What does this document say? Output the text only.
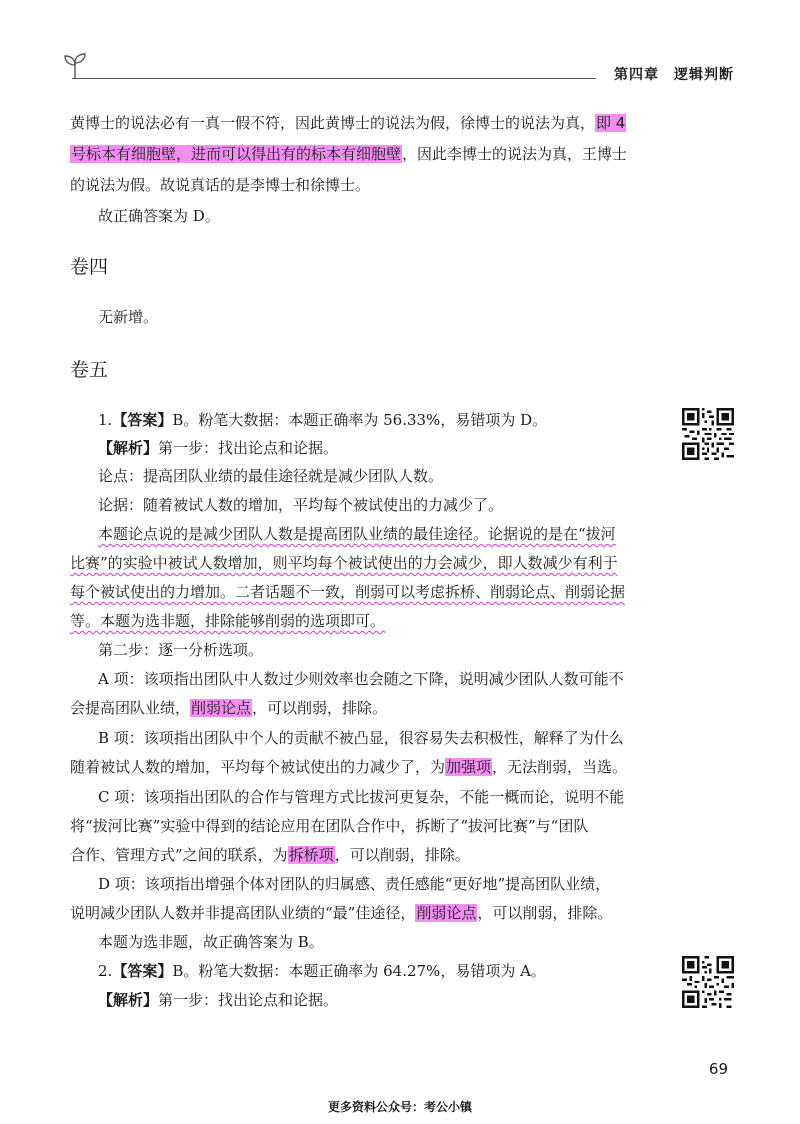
第四章　逻辑判断
黄博士的说法必有一真一假不符，因此黄博士的说法为假，徐博士的说法为真，即 4
号标本有细胞壁，进而可以得出有的标本有细胞壁，因此李博士的说法为真，王博士
的说法为假。故说真话的是李博士和徐博士。
故正确答案为 D。
卷四
无新增。
卷五
1.【答案】B。粉笔大数据：本题正确率为 56.33%，易错项为 D。
【解析】第一步：找出论点和论据。
论点：提高团队业绩的最佳途径就是减少团队人数。
论据：随着被试人数的增加，平均每个被试使出的力减少了。
本题论点说的是减少团队人数是提高团队业绩的最佳途径。论据说的是在“拔河
比赛”的实验中被试人数增加，则平均每个被试使出的力会减少，即人数减少有利于
每个被试使出的力增加。二者话题不一致，削弱可以考虑拆桥、削弱论点、削弱论据
等。本题为选非题，排除能够削弱的选项即可。
第二步：逐一分析选项。
A 项：该项指出团队中人数过少则效率也会随之下降，说明减少团队人数可能不
会提高团队业绩，削弱论点，可以削弱，排除。
B 项：该项指出团队中个人的贡献不被凸显，很容易失去积极性，解释了为什么
随着被试人数的增加，平均每个被试使出的力减少了，为加强项，无法削弱，当选。
C 项：该项指出团队的合作与管理方式比拔河更复杂，不能一概而论，说明不能
将“拔河比赛”实验中得到的结论应用在团队合作中，拆断了“拔河比赛”与“团队
合作、管理方式”之间的联系，为拆桥项，可以削弱，排除。
D 项：该项指出增强个体对团队的归属感、责任感能“更好地”提高团队业绩，
说明减少团队人数并非提高团队业绩的“最”佳途径，削弱论点，可以削弱，排除。
本题为选非题，故正确答案为 B。
2.【答案】B。粉笔大数据：本题正确率为 64.27%，易错项为 A。
【解析】第一步：找出论点和论据。
69
更多资料公众号：考公小镇
